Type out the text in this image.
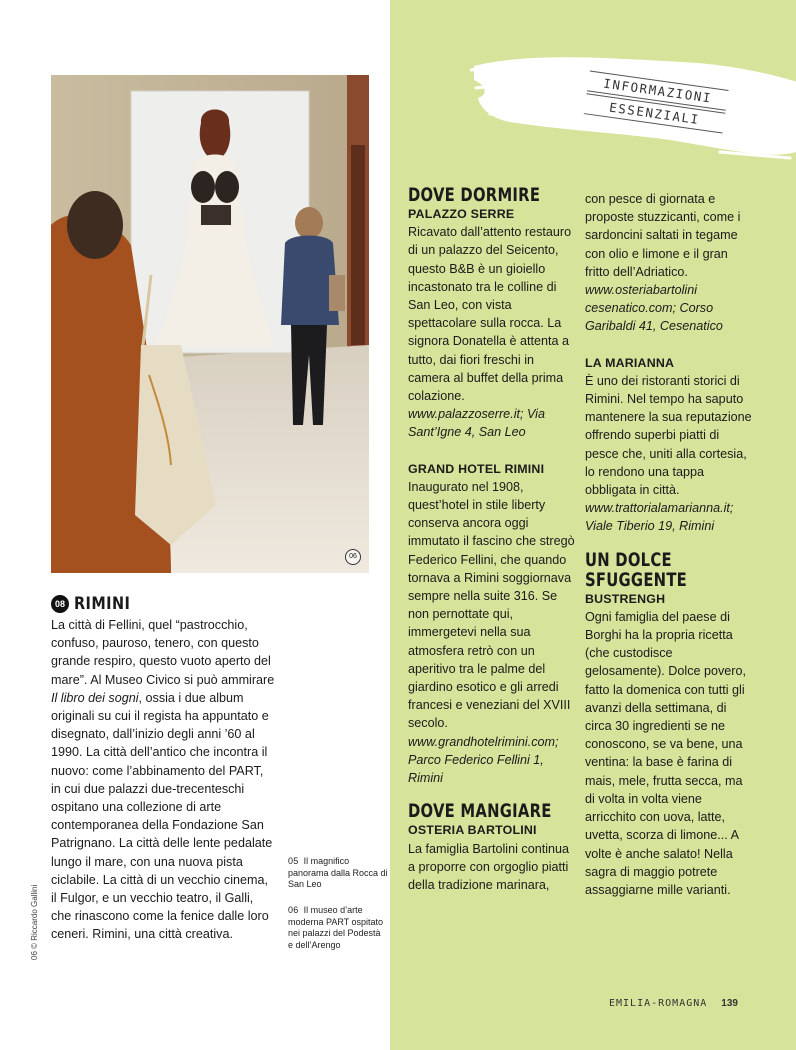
INFORMAZIONI
ESSENZIALI
06
06 © Riccardo Gallini
08 RIMINI
La città di Fellini, quel “pastrocchio, confuso, pauroso, tenero, con questo grande respiro, questo vuoto aperto del mare”. Al Museo Civico si può ammirare Il libro dei sogni, ossia i due album originali su cui il regista ha appuntato e disegnato, dall’inizio degli anni ’60 al 1990. La città dell’antico che incontra il nuovo: come l’abbinamento del PART, in cui due palazzi due-trecenteschi ospitano una collezione di arte contemporanea della Fondazione San Patrignano. La città delle lente pedalate lungo il mare, con una nuova pista ciclabile. La città di un vecchio cinema, il Fulgor, e un vecchio teatro, il Galli, che rinascono come la fenice dalle loro ceneri. Rimini, una città creativa.
05 Il magnifico panorama dalla Rocca di San Leo
06 Il museo d’arte moderna PART ospitato nei palazzi del Podestà e dell’Arengo
DOVE DORMIRE
PALAZZO SERRE
Ricavato dall’attento restauro di un palazzo del Seicento, questo B&B è un gioiello incastonato tra le colline di San Leo, con vista spettacolare sulla rocca. La signora Donatella è attenta a tutto, dai fiori freschi in camera al buffet della prima colazione.
www.palazzoserre.it; Via Sant’Igne 4, San Leo
GRAND HOTEL RIMINI
Inaugurato nel 1908, quest’hotel in stile liberty conserva ancora oggi immutato il fascino che stregò Federico Fellini, che quando tornava a Rimini soggiornava sempre nella suite 316. Se non pernottate qui, immergetevi nella sua atmosfera retrò con un aperitivo tra le palme del giardino esotico e gli arredi francesi e veneziani del XVIII secolo.
www.grandhotelrimini.com; Parco Federico Fellini 1, Rimini
DOVE MANGIARE
OSTERIA BARTOLINI
La famiglia Bartolini continua a proporre con orgoglio piatti della tradizione marinara,
con pesce di giornata e proposte stuzzicanti, come i sardoncini saltati in tegame con olio e limone e il gran fritto dell’Adriatico.
www.osteriabartolini cesenatico.com; Corso Garibaldi 41, Cesenatico
LA MARIANNA
È uno dei ristoranti storici di Rimini. Nel tempo ha saputo mantenere la sua reputazione offrendo superbi piatti di pesce che, uniti alla cortesia, lo rendono una tappa obbligata in città.
www.trattorialamarianna.it; Viale Tiberio 19, Rimini
UN DOLCE
SFUGGENTE
BUSTRENGH
Ogni famiglia del paese di Borghi ha la propria ricetta (che custodisce gelosamente). Dolce povero, fatto la domenica con tutti gli avanzi della settimana, di circa 30 ingredienti se ne conoscono, se va bene, una ventina: la base è farina di mais, mele, frutta secca, ma di volta in volta viene arricchito con uova, latte, uvetta, scorza di limone... A volte è anche salato! Nella sagra di maggio potrete assaggiarne mille varianti.
EMILIA-ROMAGNA 139
